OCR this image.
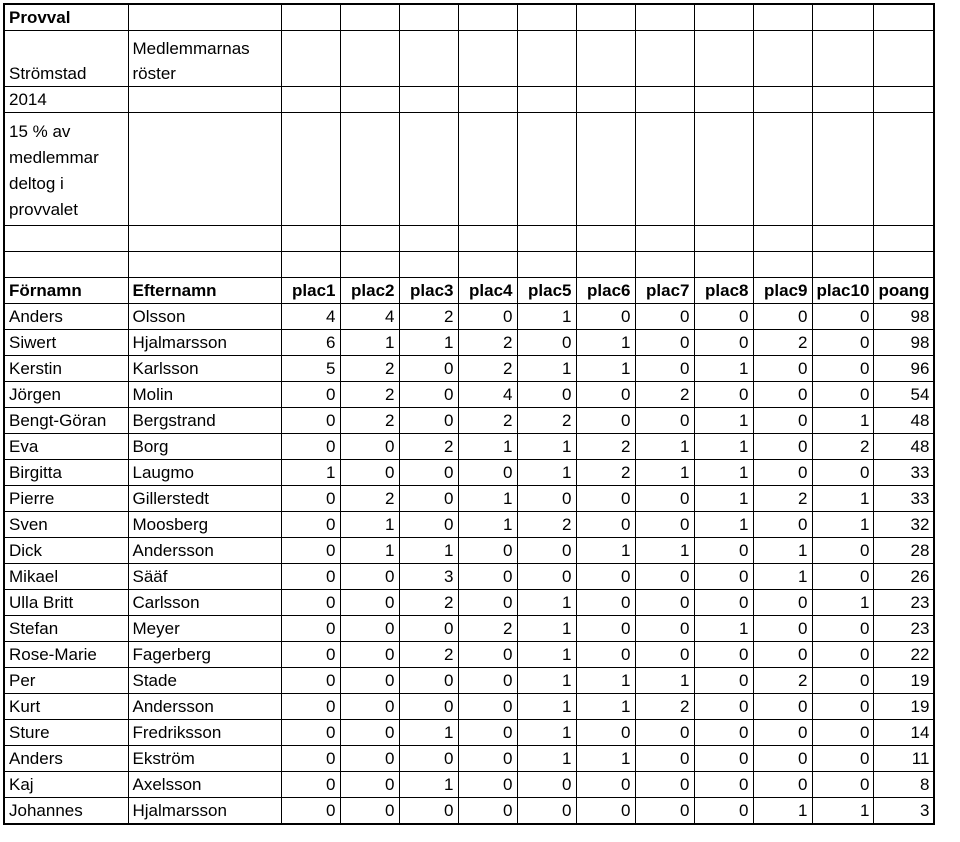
Provval												
Strömstad	Medlemmarnas
röster											
2014												
15 % av
medlemmar
deltog i
provvalet												

Förnamn	Efternamn	plac1	plac2	plac3	plac4	plac5	plac6	plac7	plac8	plac9	plac10	poang
Anders	Olsson	4	4	2	0	1	0	0	0	0	0	98
Siwert	Hjalmarsson	6	1	1	2	0	1	0	0	2	0	98
Kerstin	Karlsson	5	2	0	2	1	1	0	1	0	0	96
Jörgen	Molin	0	2	0	4	0	0	2	0	0	0	54
Bengt-Göran	Bergstrand	0	2	0	2	2	0	0	1	0	1	48
Eva	Borg	0	0	2	1	1	2	1	1	0	2	48
Birgitta	Laugmo	1	0	0	0	1	2	1	1	0	0	33
Pierre	Gillerstedt	0	2	0	1	0	0	0	1	2	1	33
Sven	Moosberg	0	1	0	1	2	0	0	1	0	1	32
Dick	Andersson	0	1	1	0	0	1	1	0	1	0	28
Mikael	Sääf	0	0	3	0	0	0	0	0	1	0	26
Ulla Britt	Carlsson	0	0	2	0	1	0	0	0	0	1	23
Stefan	Meyer	0	0	0	2	1	0	0	1	0	0	23
Rose-Marie	Fagerberg	0	0	2	0	1	0	0	0	0	0	22
Per	Stade	0	0	0	0	1	1	1	0	2	0	19
Kurt	Andersson	0	0	0	0	1	1	2	0	0	0	19
Sture	Fredriksson	0	0	1	0	1	0	0	0	0	0	14
Anders	Ekström	0	0	0	0	1	1	0	0	0	0	11
Kaj	Axelsson	0	0	1	0	0	0	0	0	0	0	8
Johannes	Hjalmarsson	0	0	0	0	0	0	0	0	1	1	3
